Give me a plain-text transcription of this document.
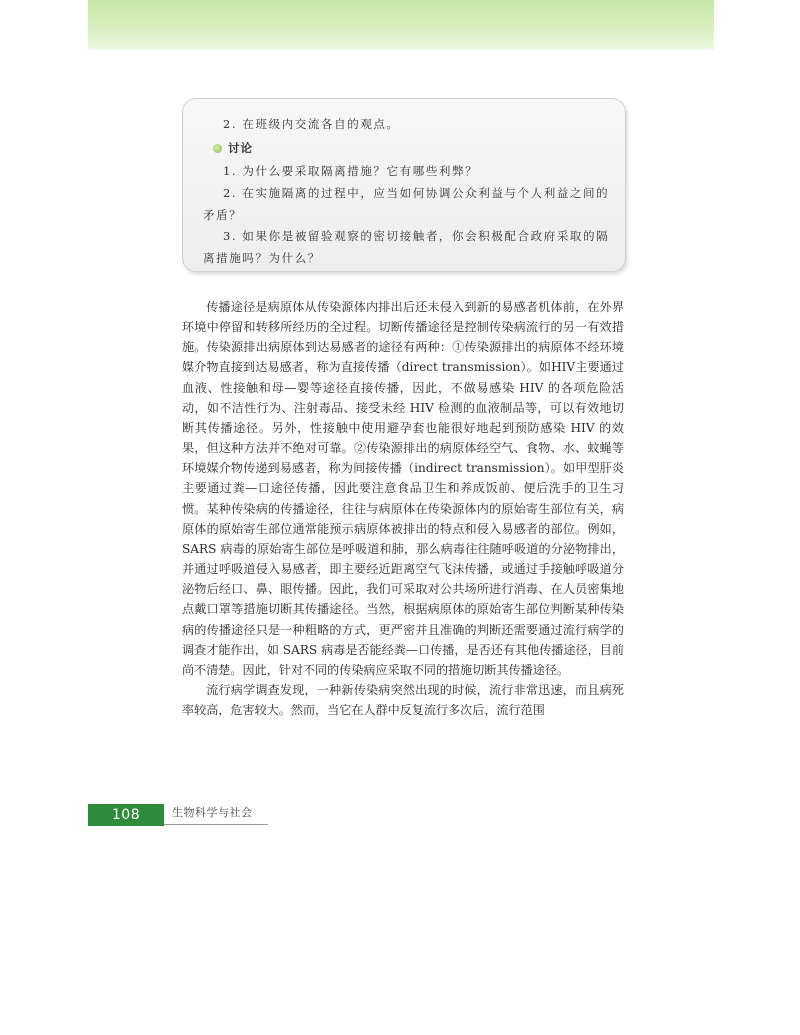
2. 在班级内交流各自的观点。
讨论
1. 为什么要采取隔离措施？它有哪些利弊？
2. 在实施隔离的过程中，应当如何协调公众利益与个人利益之间的
矛盾？
3. 如果你是被留验观察的密切接触者，你会积极配合政府采取的隔
离措施吗？为什么？

传播途径是病原体从传染源体内排出后还未侵入到新的易感者机体前，在外界环境中停留和转移所经历的全过程。切断传播途径是控制传染病流行的另一有效措施。传染源排出病原体到达易感者的途径有两种：①传染源排出的病原体不经环境媒介物直接到达易感者，称为直接传播（direct transmission）。如HIV主要通过血液、性接触和母—婴等途径直接传播，因此，不做易感染 HIV 的各项危险活动，如不洁性行为、注射毒品、接受未经 HIV 检测的血液制品等，可以有效地切断其传播途径。另外，性接触中使用避孕套也能很好地起到预防感染 HIV 的效果，但这种方法并不绝对可靠。②传染源排出的病原体经空气、食物、水、蚊蝇等环境媒介物传递到易感者，称为间接传播（indirect transmission）。如甲型肝炎主要通过粪—口途径传播，因此要注意食品卫生和养成饭前、便后洗手的卫生习惯。某种传染病的传播途径，往往与病原体在传染源体内的原始寄生部位有关，病原体的原始寄生部位通常能预示病原体被排出的特点和侵入易感者的部位。例如，SARS 病毒的原始寄生部位是呼吸道和肺，那么病毒往往随呼吸道的分泌物排出，并通过呼吸道侵入易感者，即主要经近距离空气飞沫传播，或通过手接触呼吸道分泌物后经口、鼻、眼传播。因此，我们可采取对公共场所进行消毒、在人员密集地点戴口罩等措施切断其传播途径。当然，根据病原体的原始寄生部位判断某种传染病的传播途径只是一种粗略的方式，更严密并且准确的判断还需要通过流行病学的调查才能作出，如 SARS 病毒是否能经粪—口传播，是否还有其他传播途径，目前尚不清楚。因此，针对不同的传染病应采取不同的措施切断其传播途径。

流行病学调查发现，一种新传染病突然出现的时候，流行非常迅速，而且病死率较高，危害较大。然而，当它在人群中反复流行多次后，流行范围

108	生物科学与社会
